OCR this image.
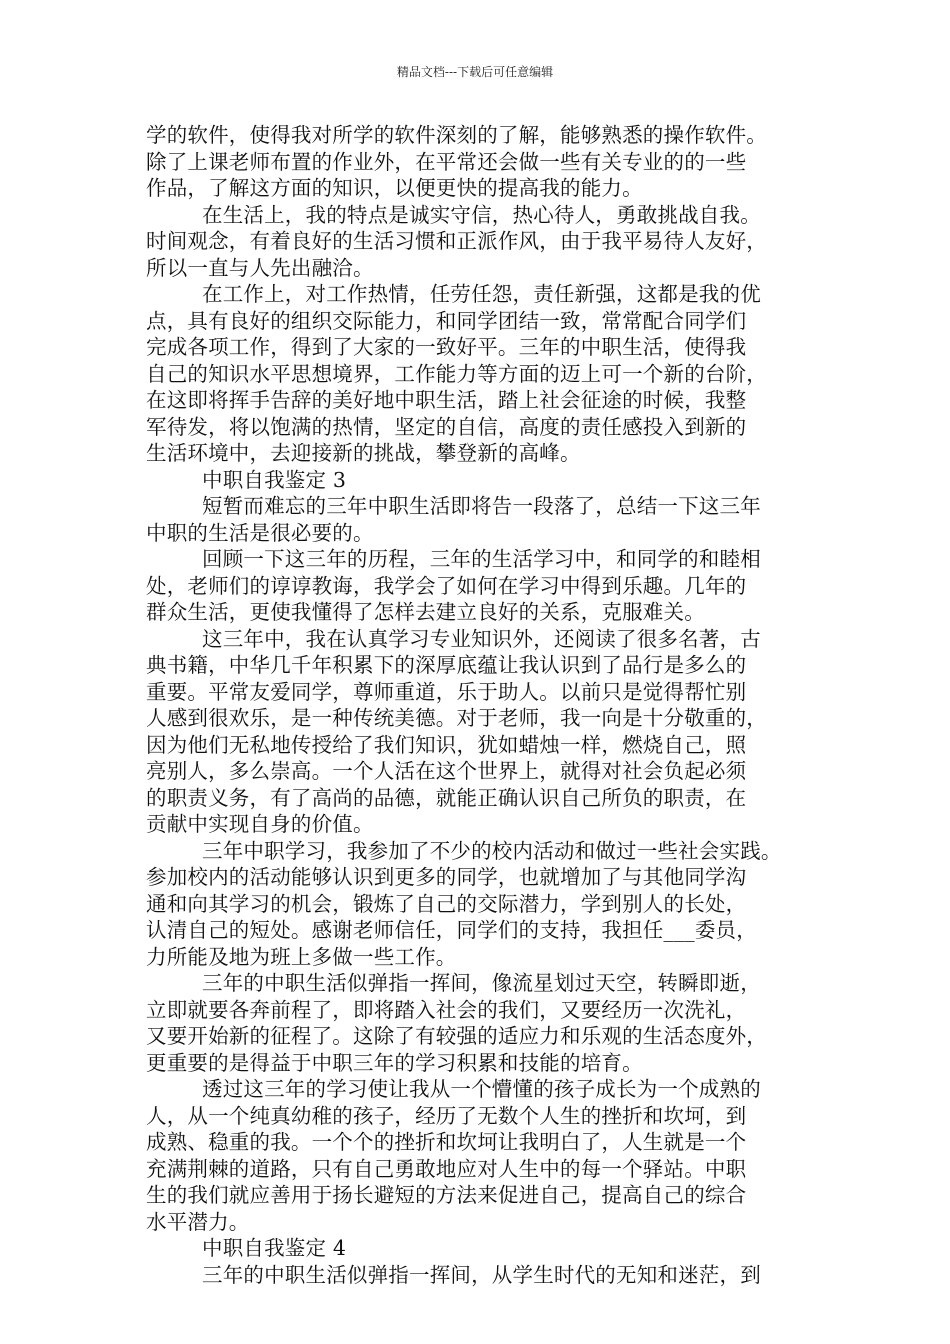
精品文档---下载后可任意编辑
学的软件，使得我对所学的软件深刻的了解，能够熟悉的操作软件。
除了上课老师布置的作业外，在平常还会做一些有关专业的的一些
作品，了解这方面的知识，以便更快的提高我的能力。
在生活上，我的特点是诚实守信，热心待人，勇敢挑战自我。
时间观念，有着良好的生活习惯和正派作风，由于我平易待人友好，
所以一直与人先出融洽。
在工作上，对工作热情，任劳任怨，责任新强，这都是我的优
点，具有良好的组织交际能力，和同学团结一致，常常配合同学们
完成各项工作，得到了大家的一致好平。三年的中职生活，使得我
自己的知识水平思想境界，工作能力等方面的迈上可一个新的台阶，
在这即将挥手告辞的美好地中职生活，踏上社会征途的时候，我整
军待发，将以饱满的热情，坚定的自信，高度的责任感投入到新的
生活环境中，去迎接新的挑战，攀登新的高峰。
中职自我鉴定 3
短暂而难忘的三年中职生活即将告一段落了，总结一下这三年
中职的生活是很必要的。
回顾一下这三年的历程，三年的生活学习中，和同学的和睦相
处，老师们的谆谆教诲，我学会了如何在学习中得到乐趣。几年的
群众生活，更使我懂得了怎样去建立良好的关系，克服难关。
这三年中，我在认真学习专业知识外，还阅读了很多名著，古
典书籍，中华几千年积累下的深厚底蕴让我认识到了品行是多么的
重要。平常友爱同学，尊师重道，乐于助人。以前只是觉得帮忙别
人感到很欢乐，是一种传统美德。对于老师，我一向是十分敬重的，
因为他们无私地传授给了我们知识，犹如蜡烛一样，燃烧自己，照
亮别人，多么崇高。一个人活在这个世界上，就得对社会负起必须
的职责义务，有了高尚的品德，就能正确认识自己所负的职责，在
贡献中实现自身的价值。
三年中职学习，我参加了不少的校内活动和做过一些社会实践。
参加校内的活动能够认识到更多的同学，也就增加了与其他同学沟
通和向其学习的机会，锻炼了自己的交际潜力，学到别人的长处，
认清自己的短处。感谢老师信任，同学们的支持，我担任___委员，
力所能及地为班上多做一些工作。
三年的中职生活似弹指一挥间，像流星划过天空，转瞬即逝，
立即就要各奔前程了，即将踏入社会的我们，又要经历一次洗礼，
又要开始新的征程了。这除了有较强的适应力和乐观的生活态度外，
更重要的是得益于中职三年的学习积累和技能的培育。
透过这三年的学习使让我从一个懵懂的孩子成长为一个成熟的
人，从一个纯真幼稚的孩子，经历了无数个人生的挫折和坎坷，到
成熟、稳重的我。一个个的挫折和坎坷让我明白了，人生就是一个
充满荆棘的道路，只有自己勇敢地应对人生中的每一个驿站。中职
生的我们就应善用于扬长避短的方法来促进自己，提高自己的综合
水平潜力。
中职自我鉴定 4
三年的中职生活似弹指一挥间，从学生时代的无知和迷茫，到
